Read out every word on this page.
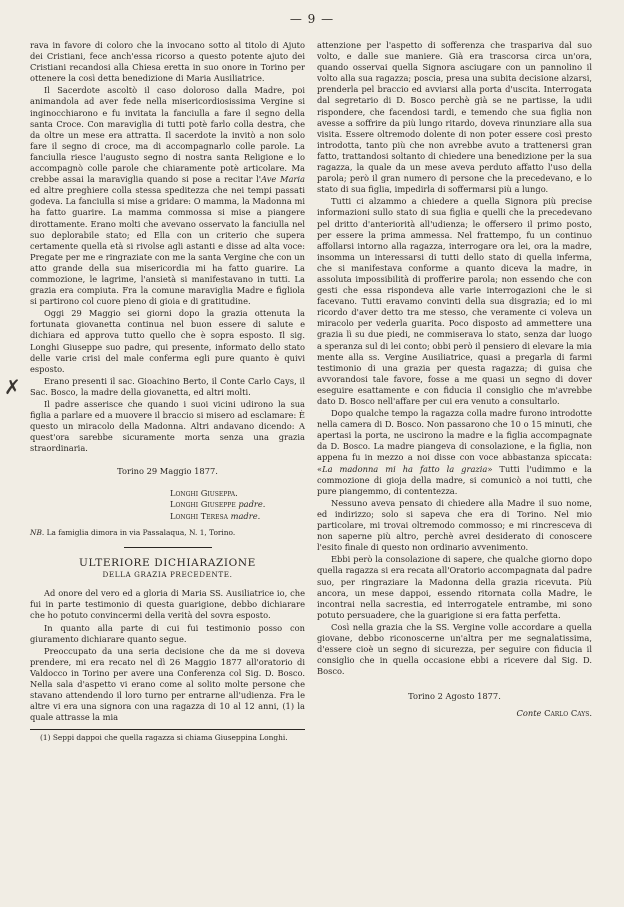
— 9 —
✗

rava in favore di coloro che la invocano sotto al titolo di Ajuto dei Cristiani, fece anch'essa ricorso a questo potente ajuto dei Cristiani recandosi alla Chiesa eretta in suo onore in Torino per ottenere la così detta benedizione di Maria Ausiliatrice.

Il Sacerdote ascoltò il caso doloroso dalla Madre, poi animandola ad aver fede nella misericordiosissima Vergine si inginocchiarono e fu invitata la fanciulla a fare il segno della santa Croce. Con maraviglia di tutti potè farlo colla destra, che da oltre un mese era attratta. Il sacerdote la invitò a non solo fare il segno di croce, ma di accompagnarlo colle parole. La fanciulla riesce l'augusto segno di nostra santa Religione e lo accompagnò colle parole che chiaramente potè articolare. Ma crebbe assai la maraviglia quando si pose a recitar l'Ave Maria ed altre preghiere colla stessa speditezza che nei tempi passati godeva. La fanciulla si mise a gridare: O mamma, la Madonna mi ha fatto guarire. La mamma commossa si mise a piangere dirottamente. Erano molti che avevano osservato la fanciulla nel suo deplorabile stato; ed Ella con un criterio che supera certamente quella età si rivolse agli astanti e disse ad alta voce: Pregate per me e ringraziate con me la santa Vergine che con un atto grande della sua misericordia mi ha fatto guarire. La commozione, le lagrime, l'ansietà si manifestavano in tutti. La grazia era compiuta. Fra la comune maraviglia Madre e figliola si partirono col cuore pieno di gioia e di gratitudine.

Oggi 29 Maggio sei giorni dopo la grazia ottenuta la fortunata giovanetta continua nel buon essere di salute e dichiara ed approva tutto quello che è sopra esposto. Il sig. Longhi Giuseppe suo padre, qui presente, informato dello stato delle varie crisi del male conferma egli pure quanto è quivi esposto.

Erano presenti il sac. Gioachino Berto, il Conte Carlo Cays, il Sac. Bosco, la madre della giovanetta, ed altri molti.

Il padre asserisce che quando i suoi vicini udirono la sua figlia a parlare ed a muovere il braccio si misero ad esclamare: È questo un miracolo della Madonna. Altri andavano dicendo: A quest'ora sarebbe sicuramente morta senza una grazia straordinaria.

Torino 29 Maggio 1877.

Longhi Giuseppa.
Longhi Giuseppe padre.
Longhi Teresa madre.

NB. La famiglia dimora in via Passalaqua, N. 1, Torino.

ULTERIORE DICHIARAZIONE

DELLA GRAZIA PRECEDENTE.

Ad onore del vero ed a gloria di Maria SS. Ausiliatrice io, che fui in parte testimonio di questa guarigione, debbo dichiarare che ho potuto convincermi della verità del sovra esposto.

In quanto alla parte di cui fui testimonio posso con giuramento dichiarare quanto segue.

Preoccupato da una seria decisione che da me si doveva prendere, mi era recato nel dì 26 Maggio 1877 all'oratorio di Valdocco in Torino per avere una Conferenza col Sig. D. Bosco. Nella sala d'aspetto vi erano come al solito molte persone che stavano attendendo il loro turno per entrarne all'udienza. Fra le altre vi era una signora con una ragazza di 10 al 12 anni, (1) la quale attrasse la mia

(1) Seppi dappoi che quella ragazza si chiama Giuseppina Longhi.

attenzione per l'aspetto di sofferenza che traspariva dal suo volto, e dalle sue maniere. Già era trascorsa circa un'ora, quando osservai quella Signora asciugare con un pannolino il volto alla sua ragazza; poscia, presa una subita decisione alzarsi, prenderla pel braccio ed avviarsi alla porta d'uscita. Interrogata dal segretario di D. Bosco perchè già se ne partisse, la udii rispondere, che facendosi tardi, e temendo che sua figlia non avesse a soffrire da più lungo ritardo, doveva rinunziare alla sua visita. Essere oltremodo dolente di non poter essere così presto introdotta, tanto più che non avrebbe avuto a trattenersi gran fatto, trattandosi soltanto di chiedere una benedizione per la sua ragazza, la quale da un mese aveva perduto affatto l'uso della parola; però il gran numero di persone che la precedevano, e lo stato di sua figlia, impedirla di soffermarsi più a lungo.

Tutti ci alzammo a chiedere a quella Signora più precise informazioni sullo stato di sua figlia e quelli che la precedevano pel dritto d'anteriorità all'udienza; le offersero il primo posto, per essere la prima ammessa. Nel frattempo, fu un continuo affollarsi intorno alla ragazza, interrogare ora lei, ora la madre, insomma un interessarsi di tutti dello stato di quella inferma, che si manifestava conforme a quanto diceva la madre, in assoluta impossibilità di profferire parola; non essendo che con gesti che essa rispondeva alle varie interrogazioni che le si facevano. Tutti eravamo convinti della sua disgrazia; ed io mi ricordo d'aver detto tra me stesso, che veramente ci voleva un miracolo per vederla guarita. Poco disposto ad ammettere una grazia lì su due piedi, ne commiserava lo stato, senza dar luogo a speranza sul di lei conto; obbi però il pensiero di elevare la mia mente alla ss. Vergine Ausiliatrice, quasi a pregarla di farmi testimonio di una grazia per questa ragazza; di guisa che avvorandosi tale favore, fosse a me quasi un segno di dover eseguire esattamente e con fiducia il consiglio che m'avrebbe dato D. Bosco nell'affare per cui era venuto a consultarlo.

Dopo qualche tempo la ragazza colla madre furono introdotte nella camera di D. Bosco. Non passarono che 10 o 15 minuti, che apertasi la porta, ne uscirono la madre e la figlia accompagnate da D. Bosco. La madre piangeva di consolazione, e la figlia, non appena fu in mezzo a noi disse con voce abbastanza spiccata: «La madonna mi ha fatto la grazia» Tutti l'udimmo e la commozione di gioja della madre, si comunicò a noi tutti, che pure piangemmo, di contentezza.

Nessuno aveva pensato di chiedere alla Madre il suo nome, ed indirizzo; solo si sapeva che era di Torino. Nel mio particolare, mi trovai oltremodo commosso; e mi rincresceva di non saperne più altro, perchè avrei desiderato di conoscere l'esito finale di questo non ordinario avvenimento.

Ebbi però la consolazione di sapere, che qualche giorno dopo quella ragazza si era recata all'Oratorio accompagnata dal padre suo, per ringraziare la Madonna della grazia ricevuta. Più ancora, un mese dappoi, essendo ritornata colla Madre, le incontrai nella sacrestia, ed interrogatele entrambe, mi sono potuto persuadere, che la guarigione si era fatta perfetta.

Così nella grazia che la SS. Vergine volle accordare a quella giovane, debbo riconoscerne un'altra per me segnalatissima, d'essere cioè un segno di sicurezza, per seguire con fiducia il consiglio che in quella occasione ebbi a ricevere dal Sig. D. Bosco.

Torino 2 Agosto 1877.

Conte Carlo Cays.
